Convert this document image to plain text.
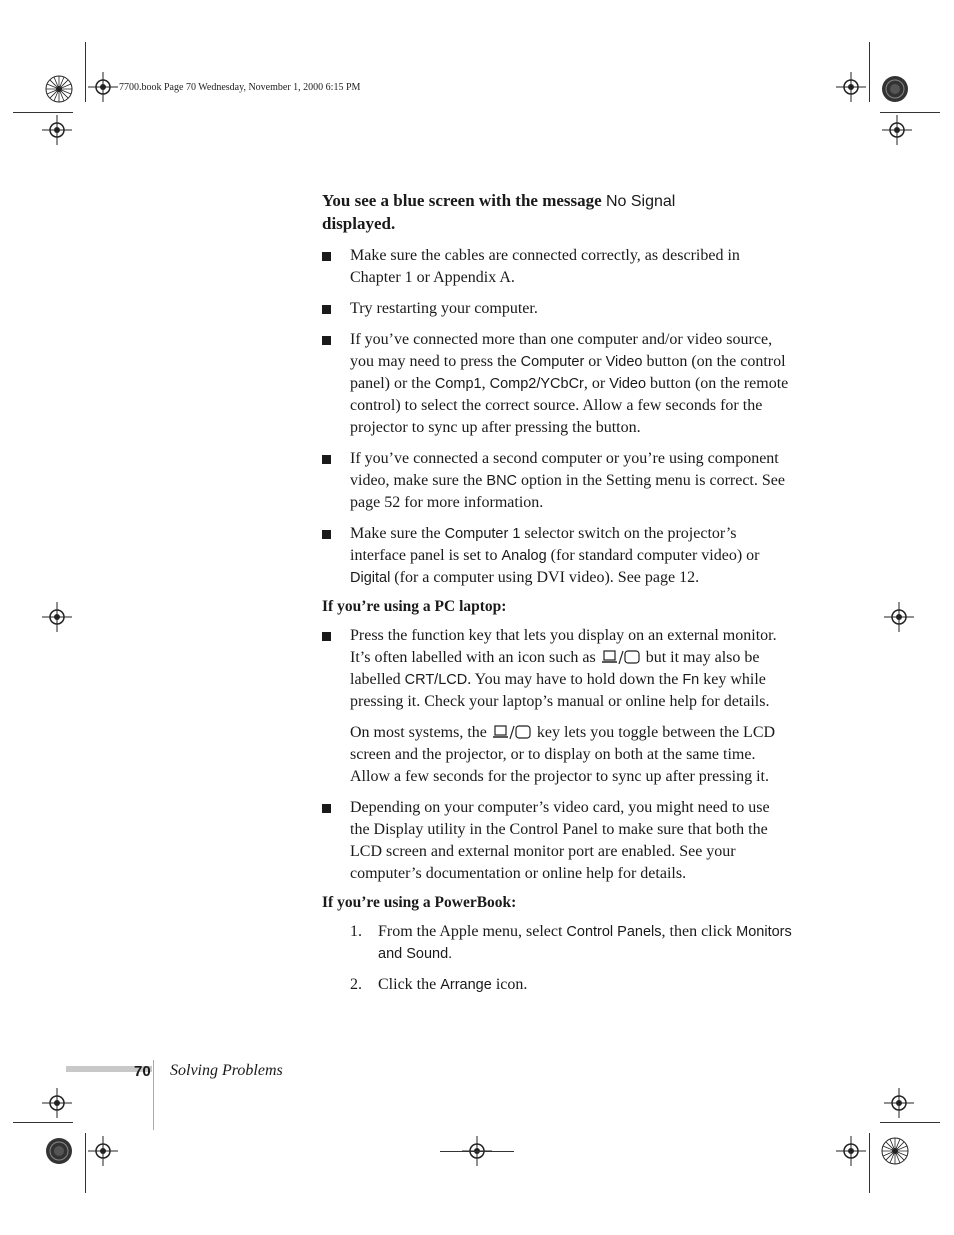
7700.book Page 70 Wednesday, November 1, 2000 6:15 PM
You see a blue screen with the message No Signal
displayed.
Make sure the cables are connected correctly, as described in Chapter 1 or Appendix A.
Try restarting your computer.
If you’ve connected more than one computer and/or video source, you may need to press the Computer or Video button (on the control panel) or the Comp1, Comp2/YCbCr, or Video button (on the remote control) to select the correct source. Allow a few seconds for the projector to sync up after pressing the button.
If you’ve connected a second computer or you’re using component video, make sure the BNC option in the Setting menu is correct. See page 52 for more information.
Make sure the Computer 1 selector switch on the projector’s interface panel is set to Analog (for standard computer video) or Digital (for a computer using DVI video). See page 12.
If you’re using a PC laptop:
Press the function key that lets you display on an external monitor. It’s often labelled with an icon such as	but it may also be labelled CRT/LCD. You may have to hold down the Fn key while pressing it. Check your laptop’s manual or online help for details.

On most systems, the	key lets you toggle between the LCD screen and the projector, or to display on both at the same time. Allow a few seconds for the projector to sync up after pressing it.

Depending on your computer’s video card, you might need to use the Display utility in the Control Panel to make sure that both the LCD screen and external monitor port are enabled. See your computer’s documentation or online help for details.
If you’re using a PowerBook:
1. From the Apple menu, select Control Panels, then click Monitors and Sound.
2. Click the Arrange icon.
70 Solving Problems
